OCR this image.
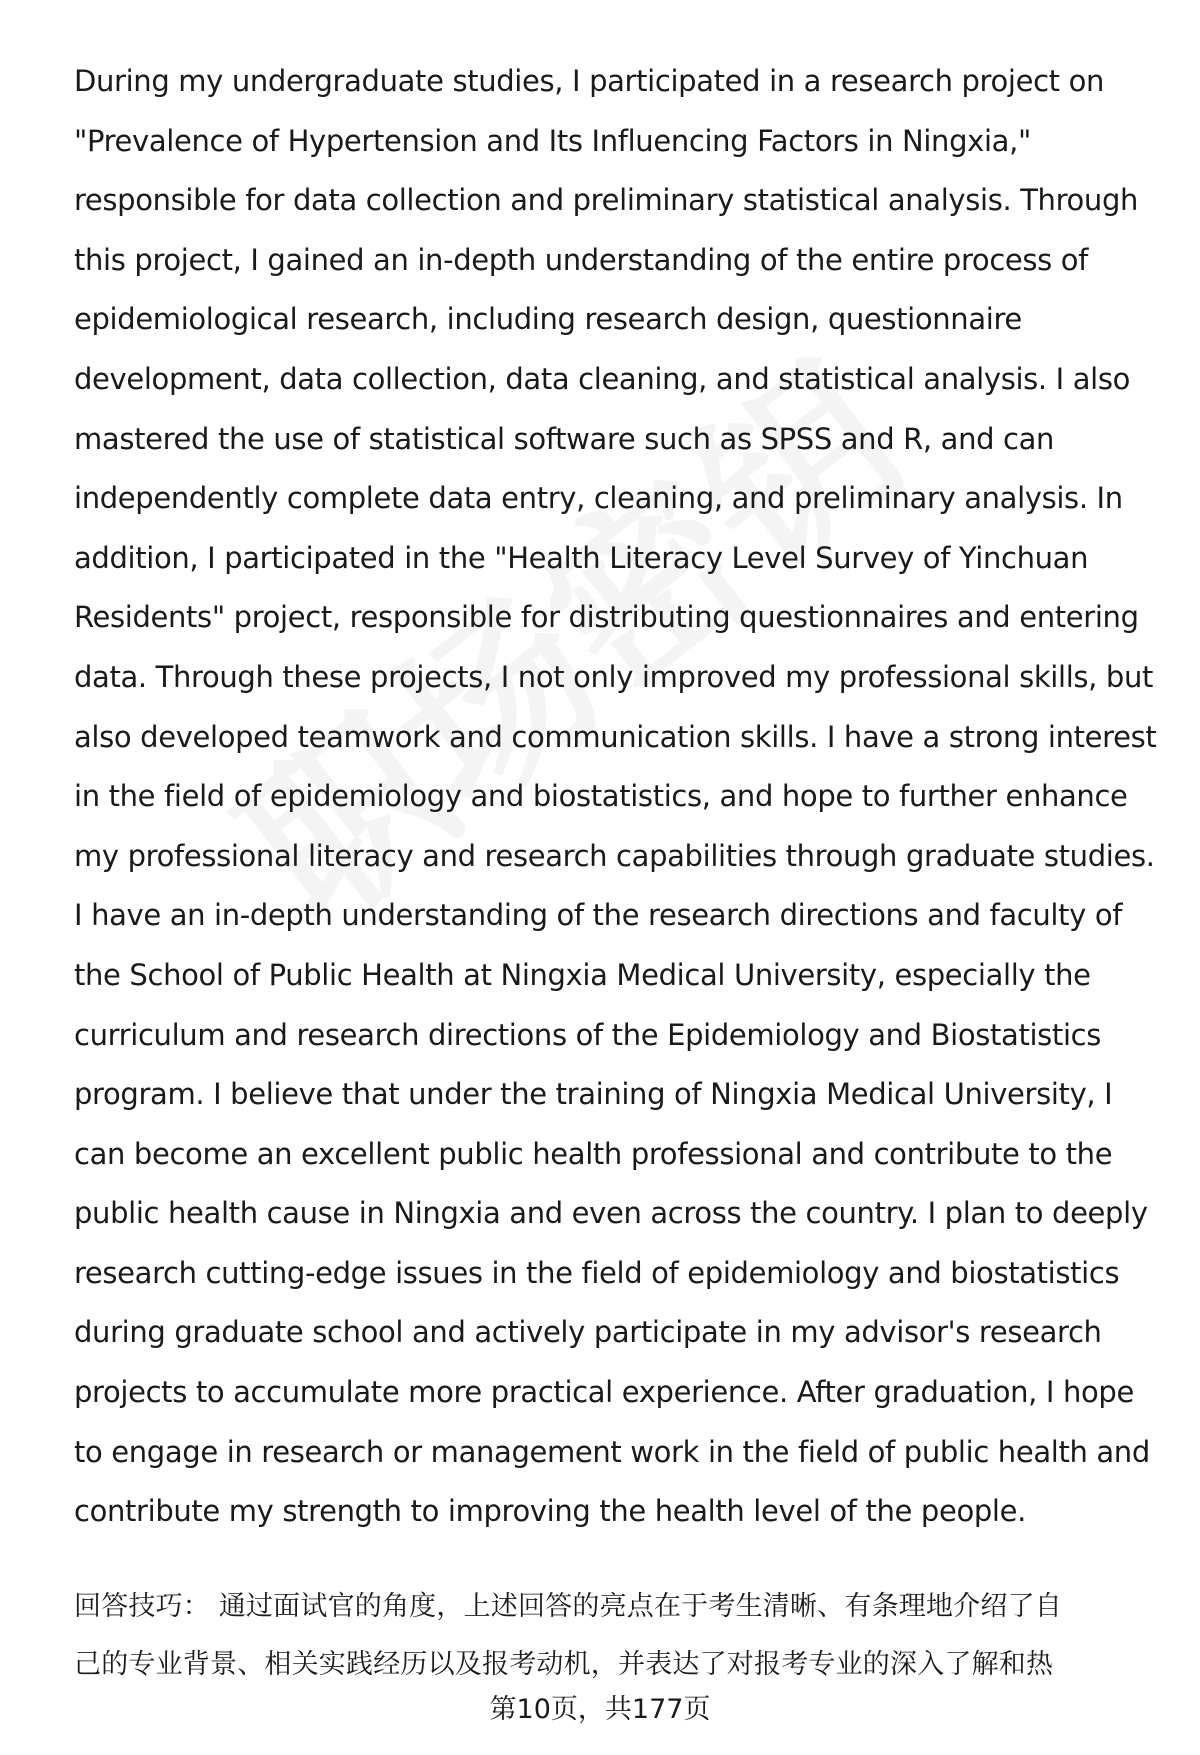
During my undergraduate studies, I participated in a research project on
"Prevalence of Hypertension and Its Influencing Factors in Ningxia,"
responsible for data collection and preliminary statistical analysis. Through
this project, I gained an in-depth understanding of the entire process of
epidemiological research, including research design, questionnaire
development, data collection, data cleaning, and statistical analysis. I also
mastered the use of statistical software such as SPSS and R, and can
independently complete data entry, cleaning, and preliminary analysis. In
addition, I participated in the "Health Literacy Level Survey of Yinchuan
Residents" project, responsible for distributing questionnaires and entering
data. Through these projects, I not only improved my professional skills, but
also developed teamwork and communication skills. I have a strong interest
in the field of epidemiology and biostatistics, and hope to further enhance
my professional literacy and research capabilities through graduate studies.
I have an in-depth understanding of the research directions and faculty of
the School of Public Health at Ningxia Medical University, especially the
curriculum and research directions of the Epidemiology and Biostatistics
program. I believe that under the training of Ningxia Medical University, I
can become an excellent public health professional and contribute to the
public health cause in Ningxia and even across the country. I plan to deeply
research cutting-edge issues in the field of epidemiology and biostatistics
during graduate school and actively participate in my advisor's research
projects to accumulate more practical experience. After graduation, I hope
to engage in research or management work in the field of public health and
contribute my strength to improving the health level of the people.
回答技巧： 通过面试官的角度，上述回答的亮点在于考生清晰、有条理地介绍了自
己的专业背景、相关实践经历以及报考动机，并表达了对报考专业的深入了解和热
第10页，共177页
